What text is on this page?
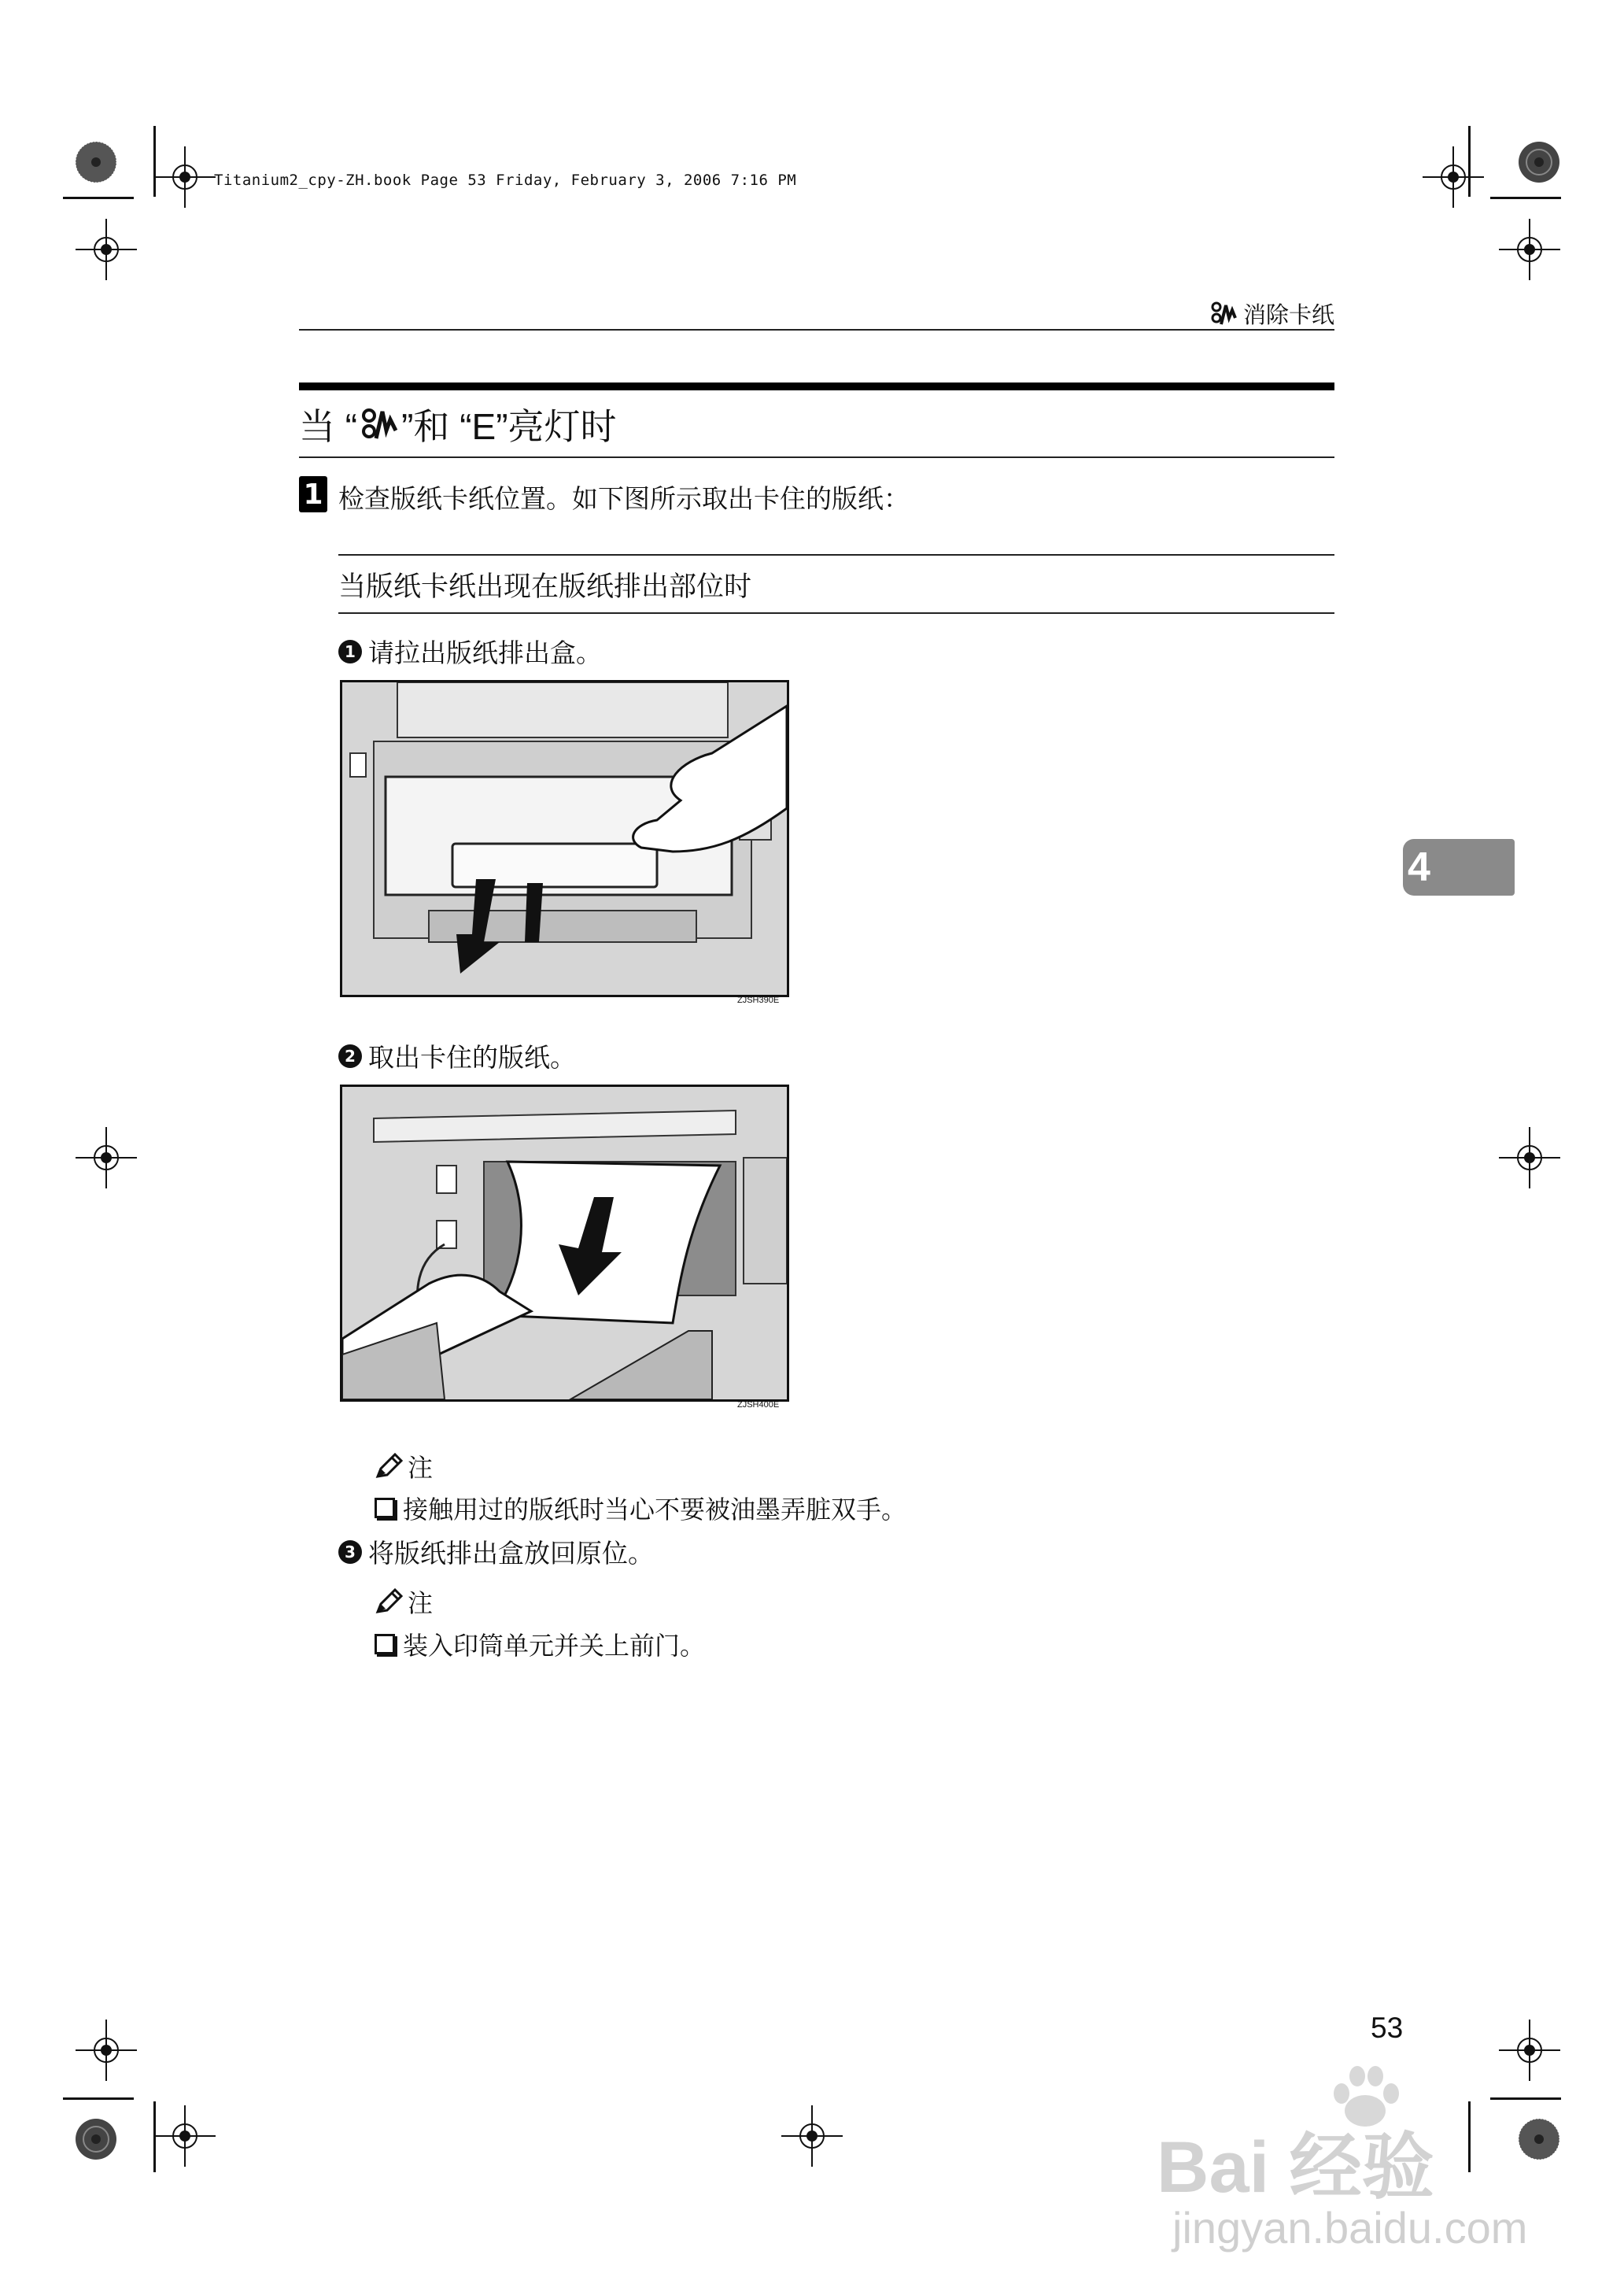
Titanium2_cpy-ZH.book Page 53 Friday, February 3, 2006 7:16 PM
消除卡纸
当 “ ”和 “E”亮灯时
1 检查版纸卡纸位置。如下图所示取出卡住的版纸：
当版纸卡纸出现在版纸排出部位时
1 请拉出版纸排出盒。
ZJSH390E
2 取出卡住的版纸。
ZJSH400E
注
接触用过的版纸时当心不要被油墨弄脏双手。
3 将版纸排出盒放回原位。
注
装入印筒单元并关上前门。
4
53
Bai 经验
jingyan.baidu.com
